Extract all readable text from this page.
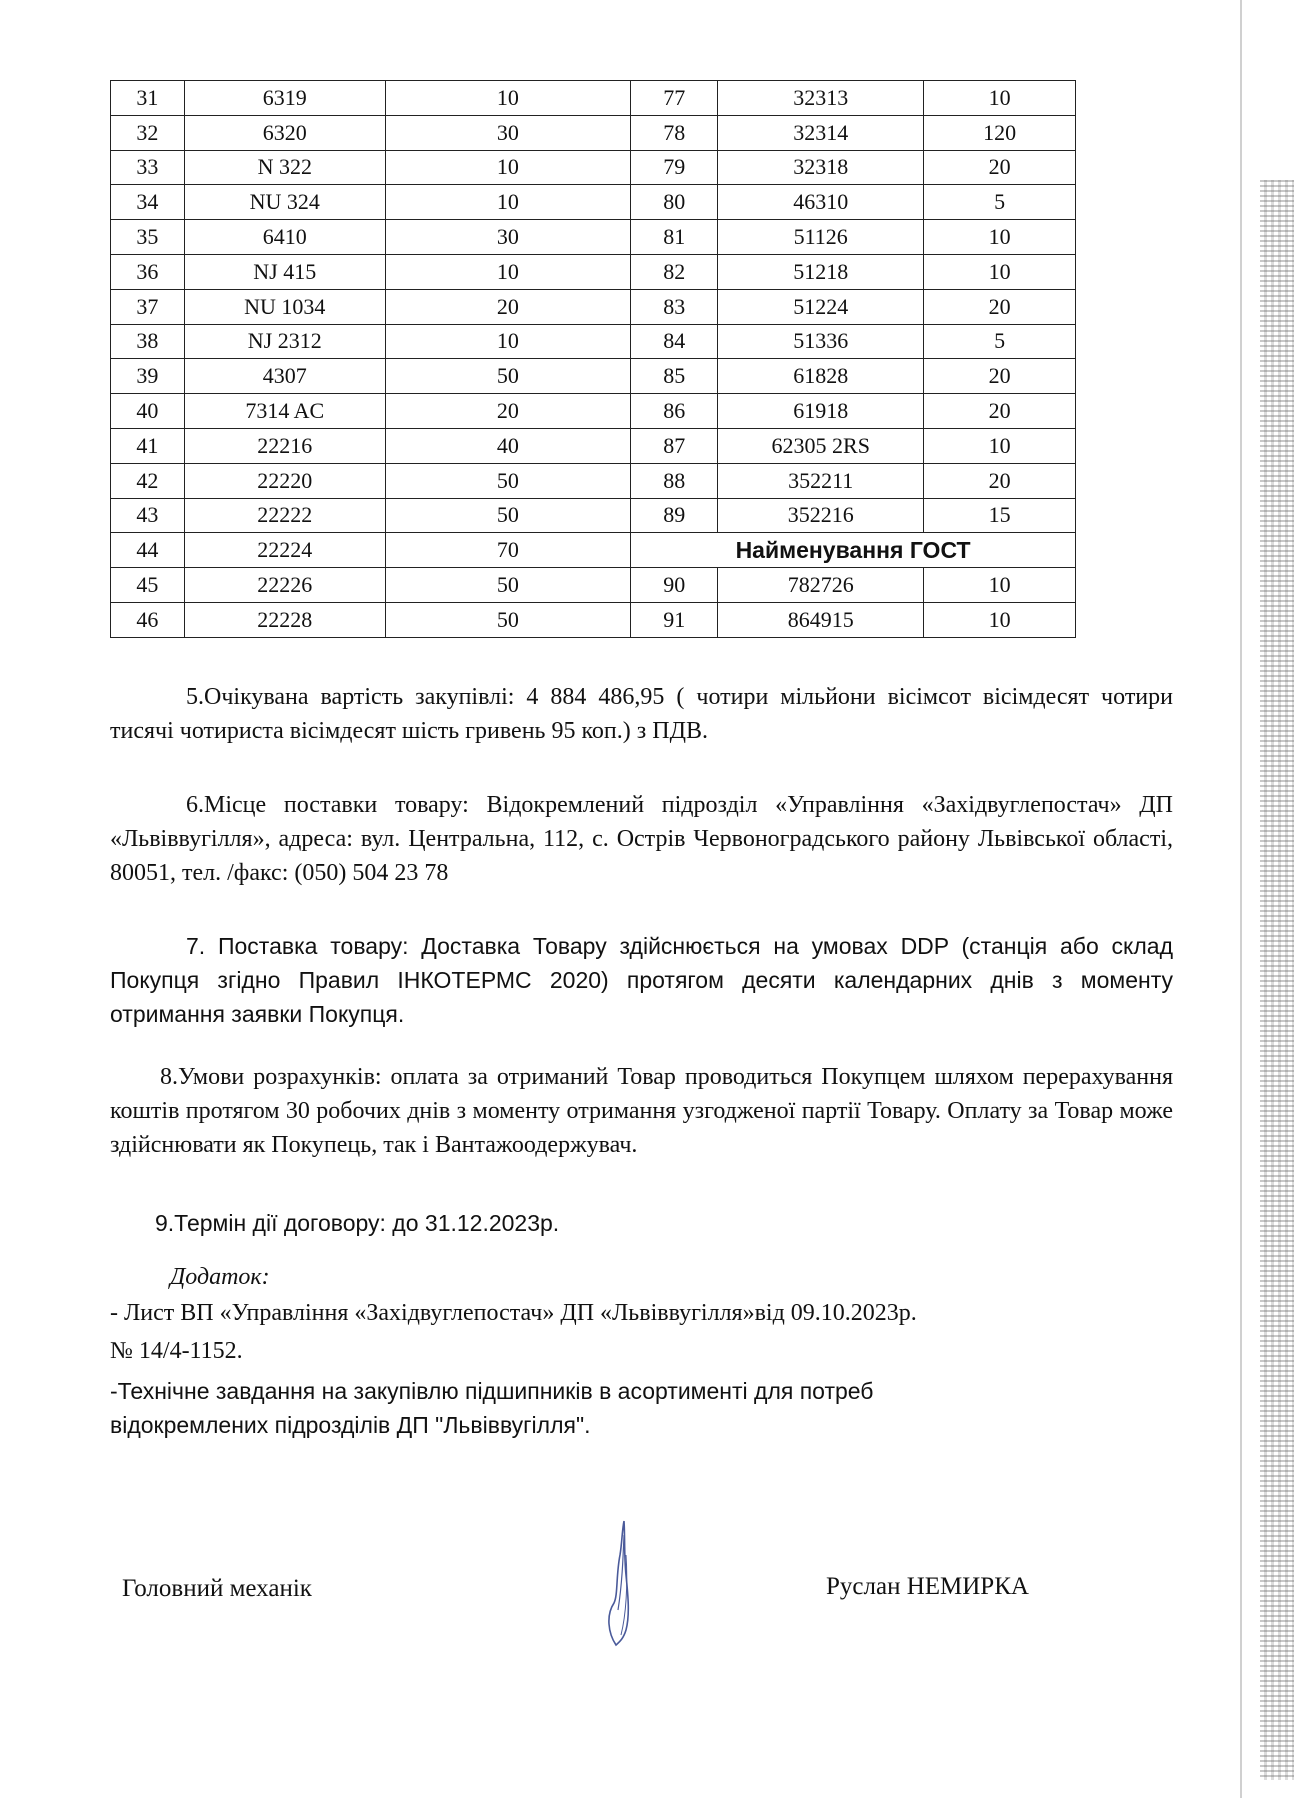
31	6319	10	77	32313	10
32	6320	30	78	32314	120
33	N 322	10	79	32318	20
34	NU 324	10	80	46310	5
35	6410	30	81	51126	10
36	NJ 415	10	82	51218	10
37	NU 1034	20	83	51224	20
38	NJ 2312	10	84	51336	5
39	4307	50	85	61828	20
40	7314 AC	20	86	61918	20
41	22216	40	87	62305 2RS	10
42	22220	50	88	352211	20
43	22222	50	89	352216	15
44	22224	70	Найменування ГОСТ		
45	22226	50	90	782726	10
46	22228	50	91	864915	10
5.Очікувана вартість закупівлі: 4 884 486,95 ( чотири мільйони вісімсот вісімдесят чотири тисячі чотириста вісімдесят шість гривень 95 коп.) з ПДВ.
6.Місце поставки товару: Відокремлений підрозділ «Управління «Західвуглепостач» ДП «Львіввугілля», адреса: вул. Центральна, 112, с. Острів Червоноградського району Львівської області, 80051, тел. /факс: (050) 504 23 78
7. Поставка товару: Доставка Товару здійснюється на умовах DDP (станція або склад Покупця згідно Правил ІНКОТЕРМС 2020) протягом десяти календарних днів з моменту отримання заявки Покупця.
8.Умови розрахунків: оплата за отриманий Товар проводиться Покупцем шляхом перерахування коштів протягом 30 робочих днів з моменту отримання узгодженої партії Товару. Оплату за Товар може здійснювати як Покупець, так і Вантажоодержувач.
9.Термін дії договору: до 31.12.2023р.
Додаток:
- Лист ВП «Управління «Західвуглепостач» ДП «Львіввугілля»від 09.10.2023р.
№ 14/4-1152.
-Технічне завдання на закупівлю підшипників в асортименті для потреб
відокремлених підрозділів ДП "Львіввугілля".
Головний механік	Руслан НЕМИРКА
